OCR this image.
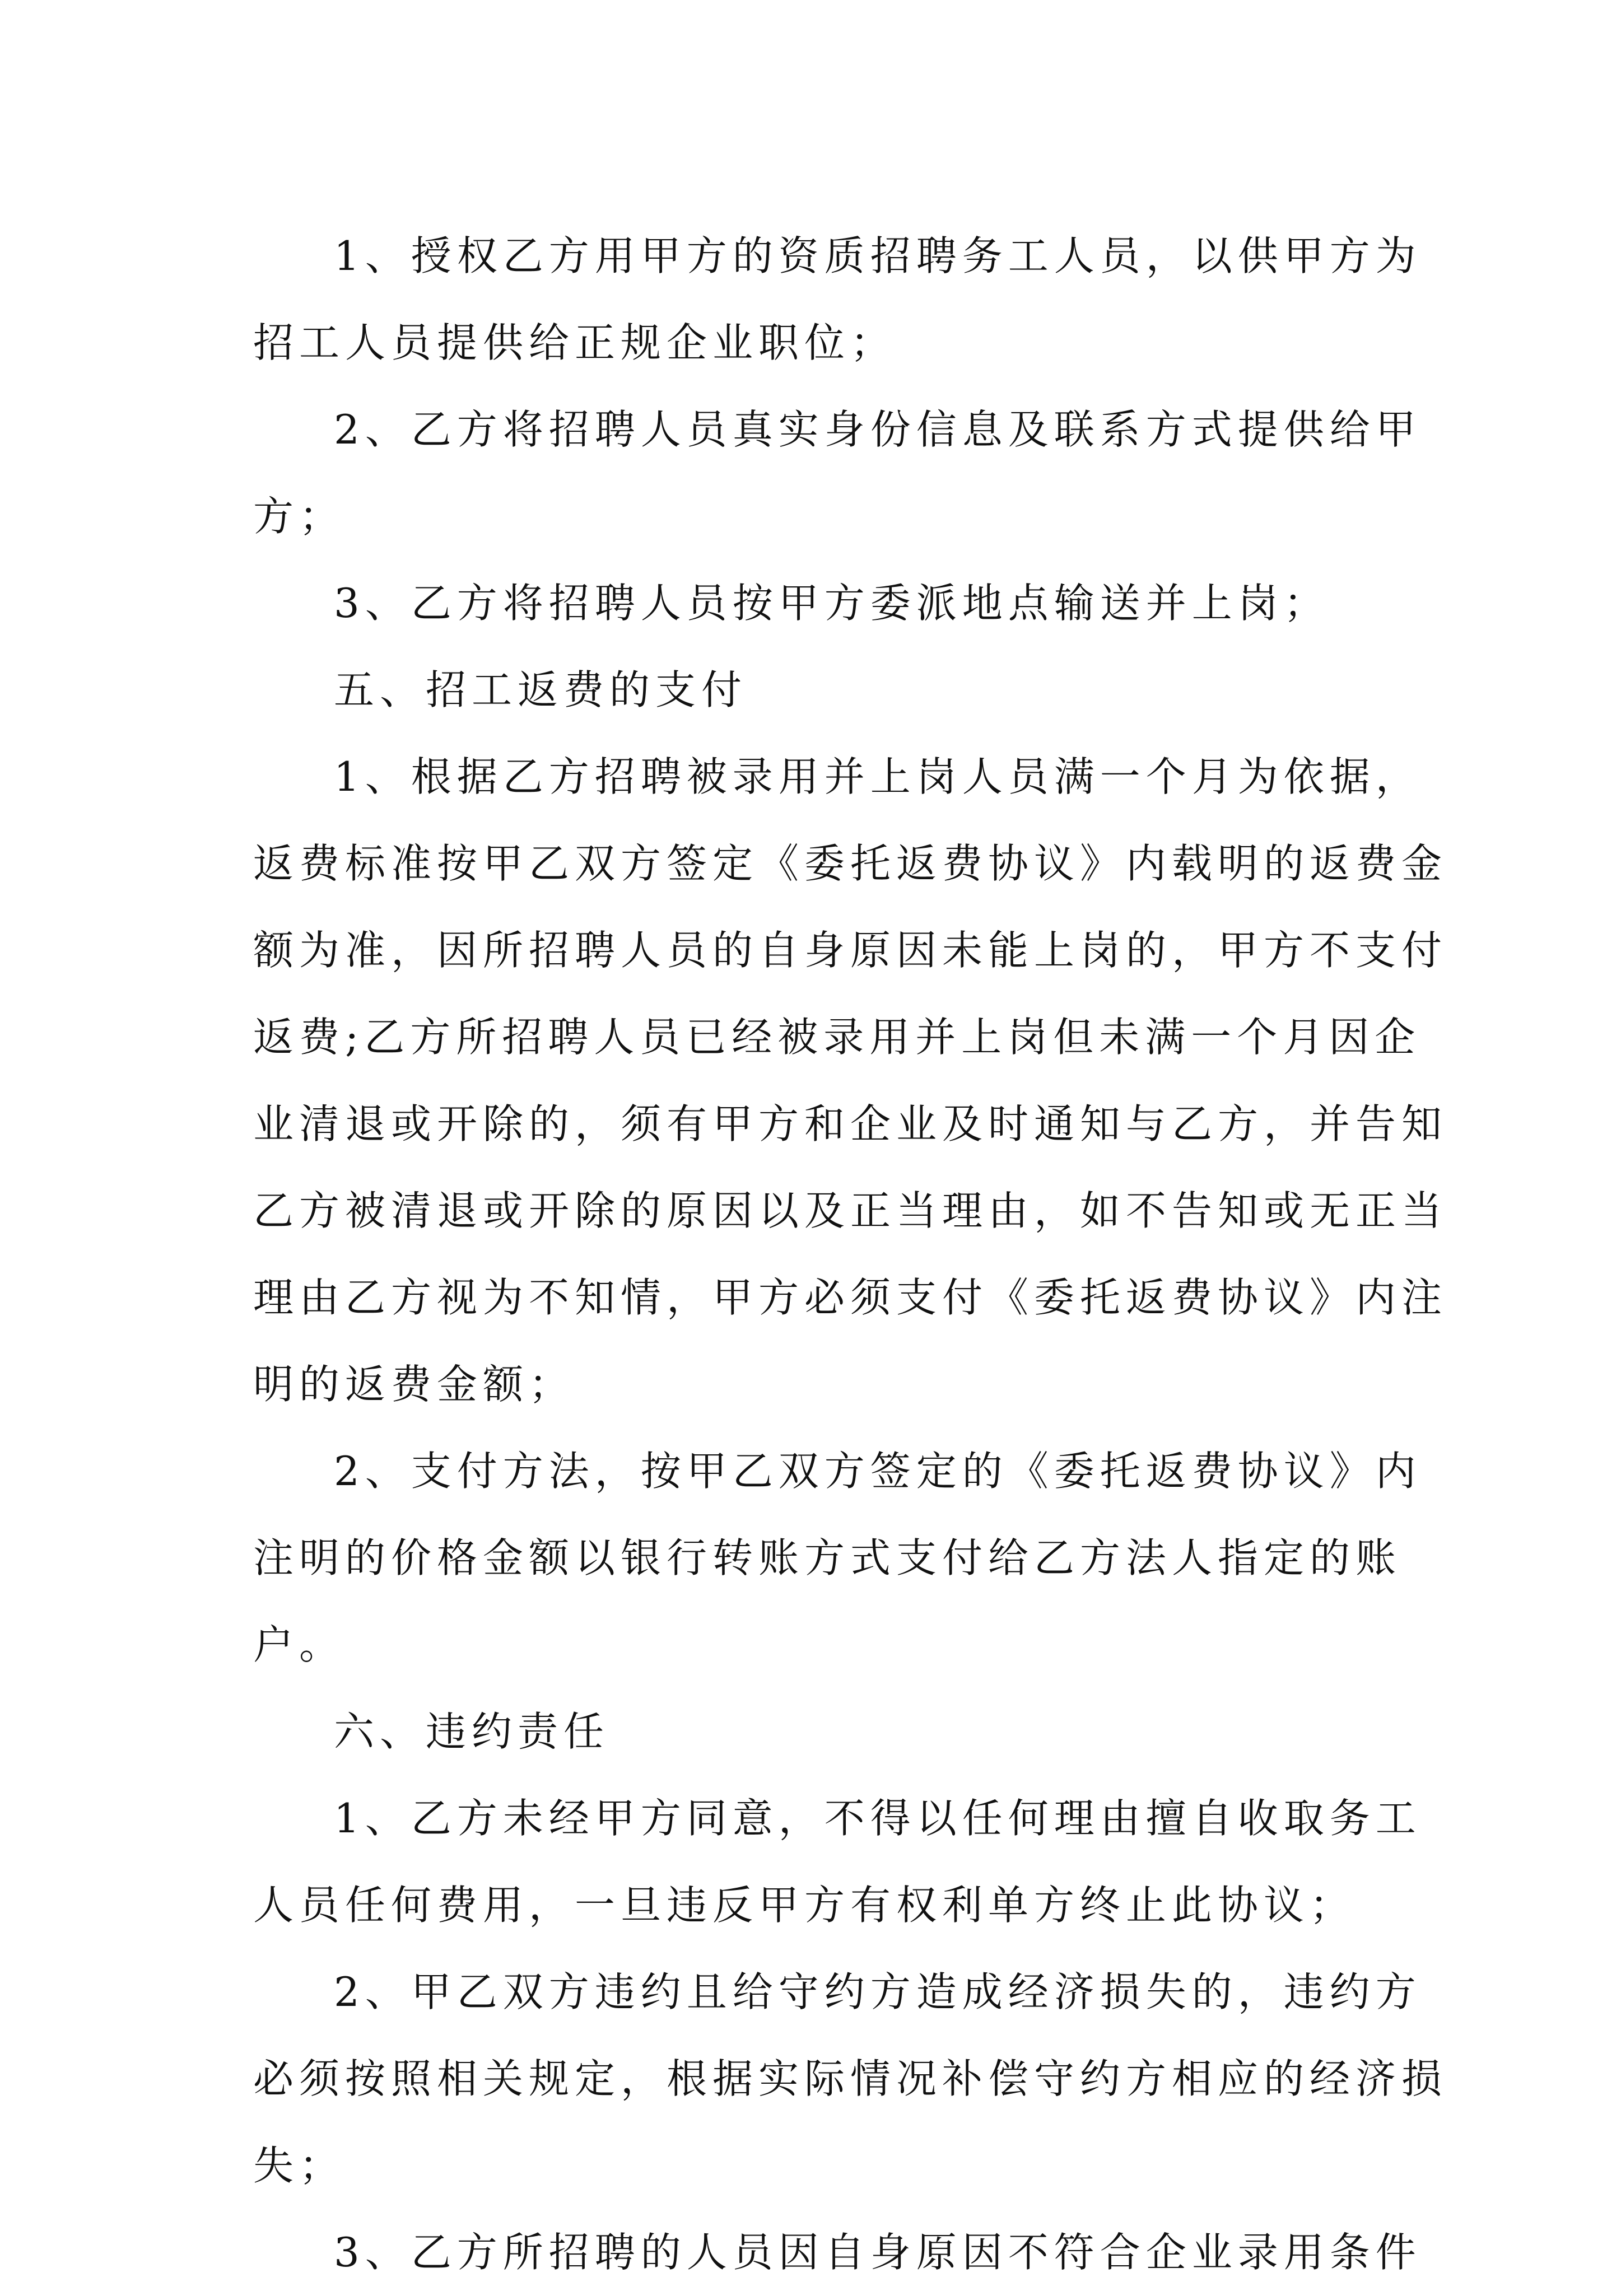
1、授权乙方用甲方的资质招聘务工人员，以供甲方为
招工人员提供给正规企业职位；
2、乙方将招聘人员真实身份信息及联系方式提供给甲
方；
3、乙方将招聘人员按甲方委派地点输送并上岗；
五、招工返费的支付
1、根据乙方招聘被录用并上岗人员满一个月为依据，
返费标准按甲乙双方签定《委托返费协议》内载明的返费金
额为准，因所招聘人员的自身原因未能上岗的，甲方不支付
返费;乙方所招聘人员已经被录用并上岗但未满一个月因企
业清退或开除的，须有甲方和企业及时通知与乙方，并告知
乙方被清退或开除的原因以及正当理由，如不告知或无正当
理由乙方视为不知情，甲方必须支付《委托返费协议》内注
明的返费金额；
2、支付方法，按甲乙双方签定的《委托返费协议》内
注明的价格金额以银行转账方式支付给乙方法人指定的账
户。
六、违约责任
1、乙方未经甲方同意，不得以任何理由擅自收取务工
人员任何费用，一旦违反甲方有权利单方终止此协议；
2、甲乙双方违约且给守约方造成经济损失的，违约方
必须按照相关规定，根据实际情况补偿守约方相应的经济损
失；
3、乙方所招聘的人员因自身原因不符合企业录用条件
